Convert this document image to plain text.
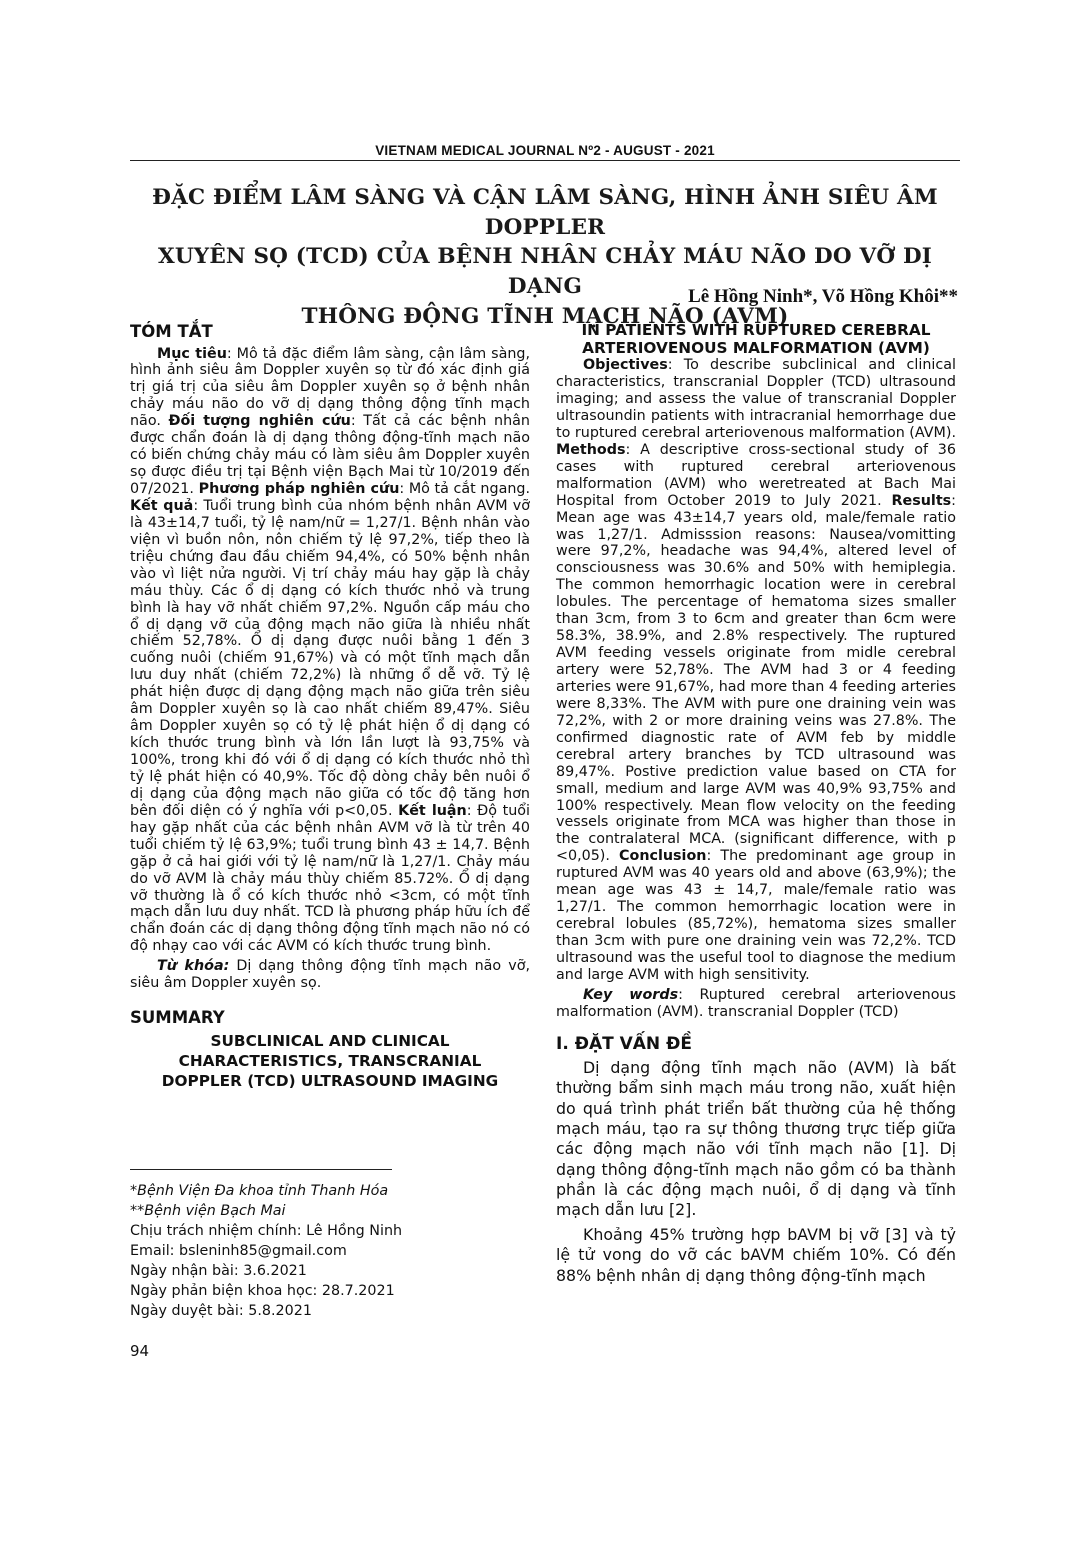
VIETNAM MEDICAL JOURNAL Nº2 - AUGUST - 2021
ĐẶC ĐIỂM LÂM SÀNG VÀ CẬN LÂM SÀNG, HÌNH ẢNH SIÊU ÂM DOPPLER
XUYÊN SỌ (TCD) CỦA BỆNH NHÂN CHẢY MÁU NÃO DO VỠ DỊ DẠNG
THÔNG ĐỘNG TĨNH MẠCH NÃO (AVM)

Lê Hồng Ninh*, Võ Hồng Khôi**

TÓM TẮT

Mục tiêu: Mô tả đặc điểm lâm sàng, cận lâm sàng, hình ảnh siêu âm Doppler xuyên sọ từ đó xác định giá trị giá trị của siêu âm Doppler xuyên sọ ở bệnh nhân chảy máu não do vỡ dị dạng thông động tĩnh mạch não. Đối tượng nghiên cứu: Tất cả các bệnh nhân được chẩn đoán là dị dạng thông động-tĩnh mạch não có biến chứng chảy máu có làm siêu âm Doppler xuyên sọ được điều trị tại Bệnh viện Bạch Mai từ 10/2019 đến 07/2021. Phương pháp nghiên cứu: Mô tả cắt ngang. Kết quả: Tuổi trung bình của nhóm bệnh nhân AVM vỡ là 43±14,7 tuổi, tỷ lệ nam/nữ = 1,27/1. Bệnh nhân vào viện vì buồn nôn, nôn chiếm tỷ lệ 97,2%, tiếp theo là triệu chứng đau đầu chiếm 94,4%, có 50% bệnh nhân vào vì liệt nửa người. Vị trí chảy máu hay gặp là chảy máu thùy. Các ổ dị dạng có kích thước nhỏ và trung bình là hay vỡ nhất chiếm 97,2%. Nguồn cấp máu cho ổ dị dạng vỡ của động mạch não giữa là nhiều nhất chiếm 52,78%. Ổ dị dạng được nuôi bằng 1 đến 3 cuống nuôi (chiếm 91,67%) và có một tĩnh mạch dẫn lưu duy nhất (chiếm 72,2%) là những ổ dễ vỡ. Tỷ lệ phát hiện được dị dạng động mạch não giữa trên siêu âm Doppler xuyên sọ là cao nhất chiếm 89,47%. Siêu âm Doppler xuyên sọ có tỷ lệ phát hiện ổ dị dạng có kích thước trung bình và lớn lần lượt là 93,75% và 100%, trong khi đó với ổ dị dạng có kích thước nhỏ thì tỷ lệ phát hiện có 40,9%. Tốc độ dòng chảy bên nuôi ổ dị dạng của động mạch não giữa có tốc độ tăng hơn bên đối diện có ý nghĩa với p<0,05. Kết luận: Độ tuổi hay gặp nhất của các bệnh nhân AVM vỡ là từ trên 40 tuổi chiếm tỷ lệ 63,9%; tuổi trung bình 43 ± 14,7. Bệnh gặp ở cả hai giới với tỷ lệ nam/nữ là 1,27/1. Chảy máu do vỡ AVM là chảy máu thùy chiếm 85.72%. Ổ dị dạng vỡ thường là ổ có kích thước nhỏ <3cm, có một tĩnh mạch dẫn lưu duy nhất. TCD là phương pháp hữu ích để chẩn đoán các dị dạng thông động tĩnh mạch não nó có độ nhạy cao với các AVM có kích thước trung bình.

Từ khóa: Dị dạng thông động tĩnh mạch não vỡ, siêu âm Doppler xuyên sọ.

SUMMARY

SUBCLINICAL AND CLINICAL
CHARACTERISTICS, TRANSCRANIAL
DOPPLER (TCD) ULTRASOUND IMAGING

*Bệnh Viện Đa khoa tỉnh Thanh Hóa
**Bệnh viện Bạch Mai
Chịu trách nhiệm chính: Lê Hồng Ninh
Email: bsleninh85@gmail.com
Ngày nhận bài: 3.6.2021
Ngày phản biện khoa học: 28.7.2021
Ngày duyệt bài: 5.8.2021

94

IN PATIENTS WITH RUPTURED CEREBRAL
ARTERIOVENOUS MALFORMATION (AVM)

Objectives: To describe subclinical and clinical characteristics, transcranial Doppler (TCD) ultrasound imaging; and assess the value of transcranial Doppler ultrasoundin patients with intracranial hemorrhage due to ruptured cerebral arteriovenous malformation (AVM). Methods: A descriptive cross-sectional study of 36 cases with ruptured cerebral arteriovenous malformation (AVM) who weretreated at Bach Mai Hospital from October 2019 to July 2021. Results: Mean age was 43±14,7 years old, male/female ratio was 1,27/1. Admisssion reasons: Nausea/vomitting were 97,2%, headache was 94,4%, altered level of consciousness was 30.6% and 50% with hemiplegia. The common hemorrhagic location were in cerebral lobules. The percentage of hematoma sizes smaller than 3cm, from 3 to 6cm and greater than 6cm were 58.3%, 38.9%, and 2.8% respectively. The ruptured AVM feeding vessels originate from midle cerebral artery were 52,78%. The AVM had 3 or 4 feeding arteries were 91,67%, had more than 4 feeding arteries were 8,33%. The AVM with pure one draining vein was 72,2%, with 2 or more draining veins was 27.8%. The confirmed diagnostic rate of AVM feb by middle cerebral artery branches by TCD ultrasound was 89,47%. Postive prediction value based on CTA for small, medium and large AVM was 40,9% 93,75% and 100% respectively. Mean flow velocity on the feeding vessels originate from MCA was higher than those in the contralateral MCA. (significant difference, with p <0,05). Conclusion: The predominant age group in ruptured AVM was 40 years old and above (63,9%); the mean age was 43 ± 14,7, male/female ratio was 1,27/1. The common hemorrhagic location were in cerebral lobules (85,72%), hematoma sizes smaller than 3cm with pure one draining vein was 72,2%. TCD ultrasound was the useful tool to diagnose the medium and large AVM with high sensitivity.

Key words: Ruptured cerebral arteriovenous malformation (AVM). transcranial Doppler (TCD)

I. ĐẶT VẤN ĐỀ

Dị dạng động tĩnh mạch não (AVM) là bất thường bẩm sinh mạch máu trong não, xuất hiện do quá trình phát triển bất thường của hệ thống mạch máu, tạo ra sự thông thương trực tiếp giữa các động mạch não với tĩnh mạch não [1]. Dị dạng thông động-tĩnh mạch não gồm có ba thành phần là các động mạch nuôi, ổ dị dạng và tĩnh mạch dẫn lưu [2].

Khoảng 45% trường hợp bAVM bị vỡ [3] và tỷ lệ tử vong do vỡ các bAVM chiếm 10%. Có đến 88% bệnh nhân dị dạng thông động-tĩnh mạch
